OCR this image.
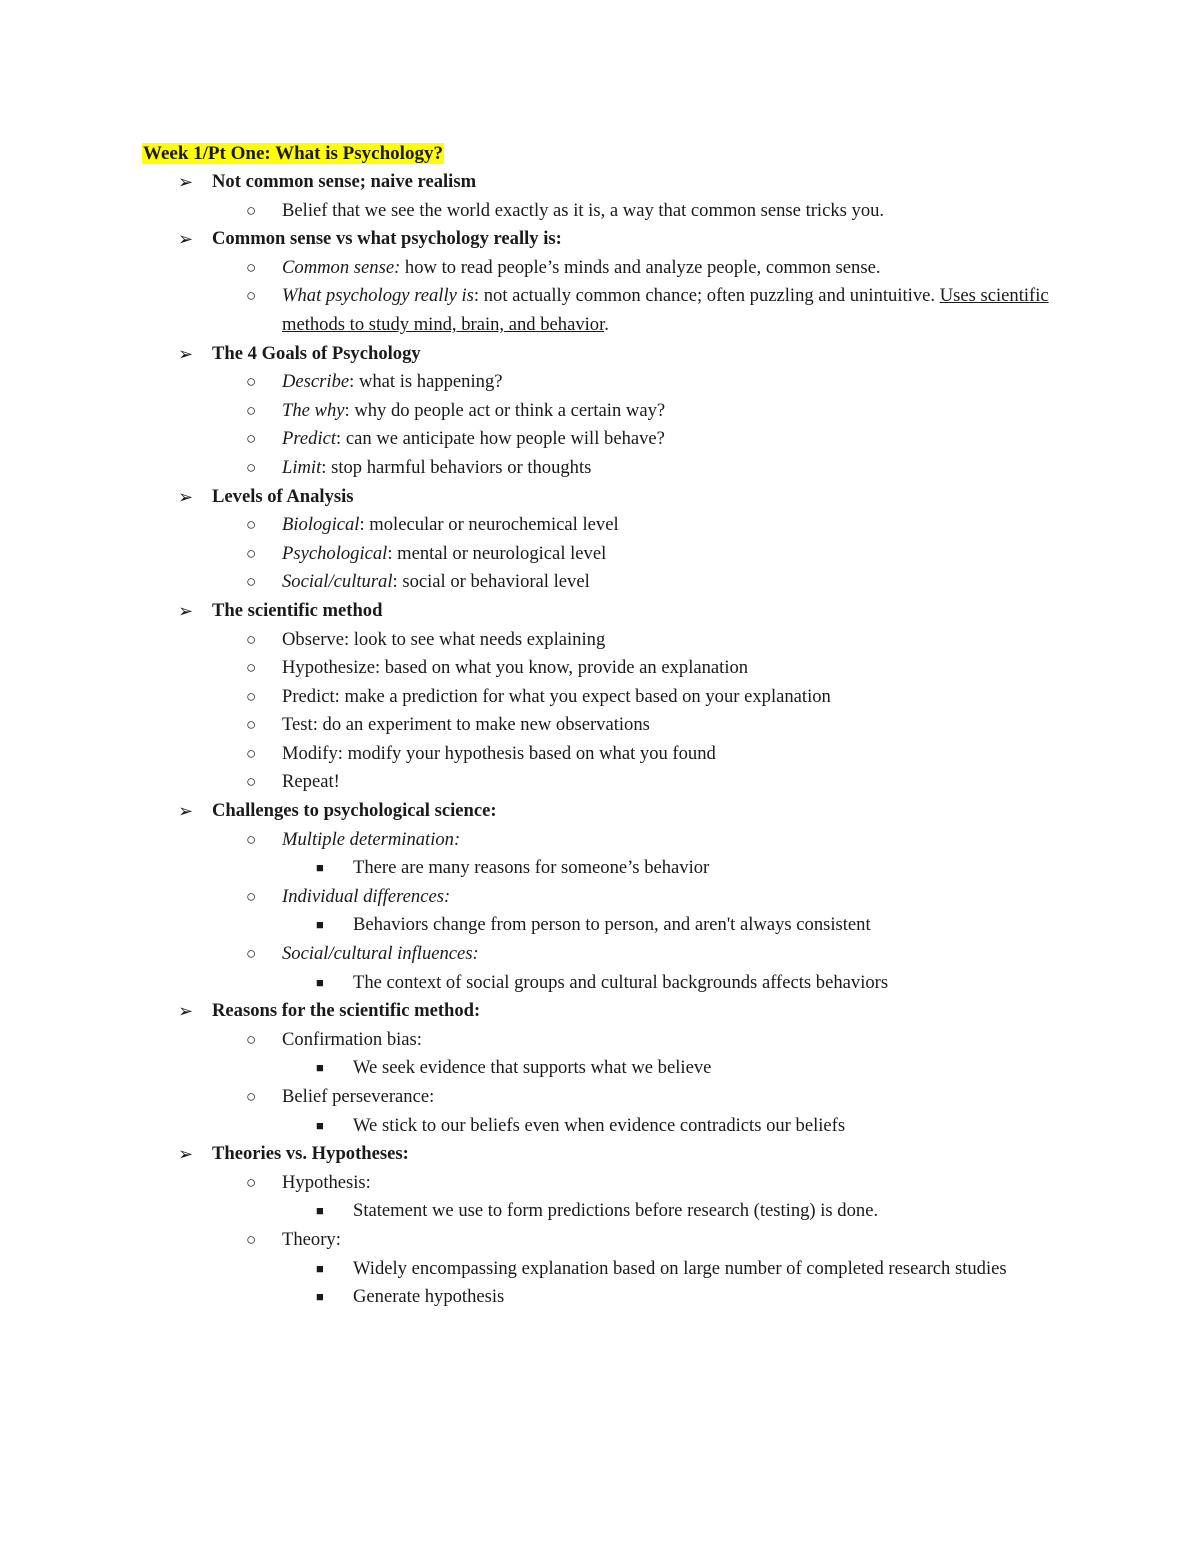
Week 1/Pt One: What is Psychology?
➢ Not common sense; naive realism
○ Belief that we see the world exactly as it is, a way that common sense tricks you.
➢ Common sense vs what psychology really is:
○ Common sense: how to read people’s minds and analyze people, common sense.
○ What psychology really is: not actually common chance; often puzzling and unintuitive. Uses scientific methods to study mind, brain, and behavior.
➢ The 4 Goals of Psychology
○ Describe: what is happening?
○ The why: why do people act or think a certain way?
○ Predict: can we anticipate how people will behave?
○ Limit: stop harmful behaviors or thoughts
➢ Levels of Analysis
○ Biological: molecular or neurochemical level
○ Psychological: mental or neurological level
○ Social/cultural: social or behavioral level
➢ The scientific method
○ Observe: look to see what needs explaining
○ Hypothesize: based on what you know, provide an explanation
○ Predict: make a prediction for what you expect based on your explanation
○ Test: do an experiment to make new observations
○ Modify: modify your hypothesis based on what you found
○ Repeat!
➢ Challenges to psychological science:
○ Multiple determination:
■ There are many reasons for someone’s behavior
○ Individual differences:
■ Behaviors change from person to person, and aren't always consistent
○ Social/cultural influences:
■ The context of social groups and cultural backgrounds affects behaviors
➢ Reasons for the scientific method:
○ Confirmation bias:
■ We seek evidence that supports what we believe
○ Belief perseverance:
■ We stick to our beliefs even when evidence contradicts our beliefs
➢ Theories vs. Hypotheses:
○ Hypothesis:
■ Statement we use to form predictions before research (testing) is done.
○ Theory:
■ Widely encompassing explanation based on large number of completed research studies
■ Generate hypothesis
